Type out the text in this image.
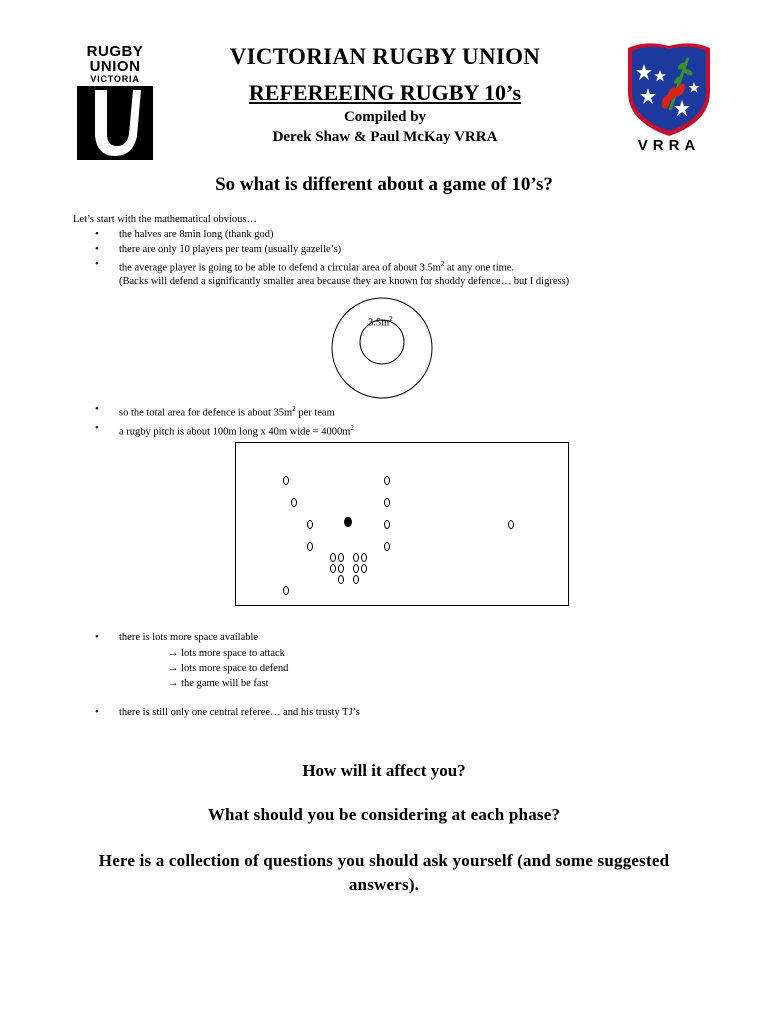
RUGBY
UNION
VICTORIA
VICTORIAN RUGBY UNION
REFEREEING RUGBY 10’s
Compiled by
Derek Shaw & Paul McKay VRRA	VRRA
So what is different about a game of 10’s?
Let’s start with the mathematical obvious…
• the halves are 8min long (thank god)
• there are only 10 players per team (usually gazelle’s)
• the average player is going to be able to defend a circular area of about $3.5m^2$ at any one time.
(Backs will defend a significantly smaller area because they are known for shoddy defence… but I digress)
$3.5m^2$
• so the total area for defence is about $35m^2$ per team
• a rugby pitch is about 100m long x 40m wide = $4000m^2$
• there is lots more space available
→ lots more space to attack
→ lots more space to defend
→ the game will be fast
• there is still only one central referee… and his trusty TJ’s
How will it affect you?
What should you be considering at each phase?
Here is a collection of questions you should ask yourself (and some suggested answers).
